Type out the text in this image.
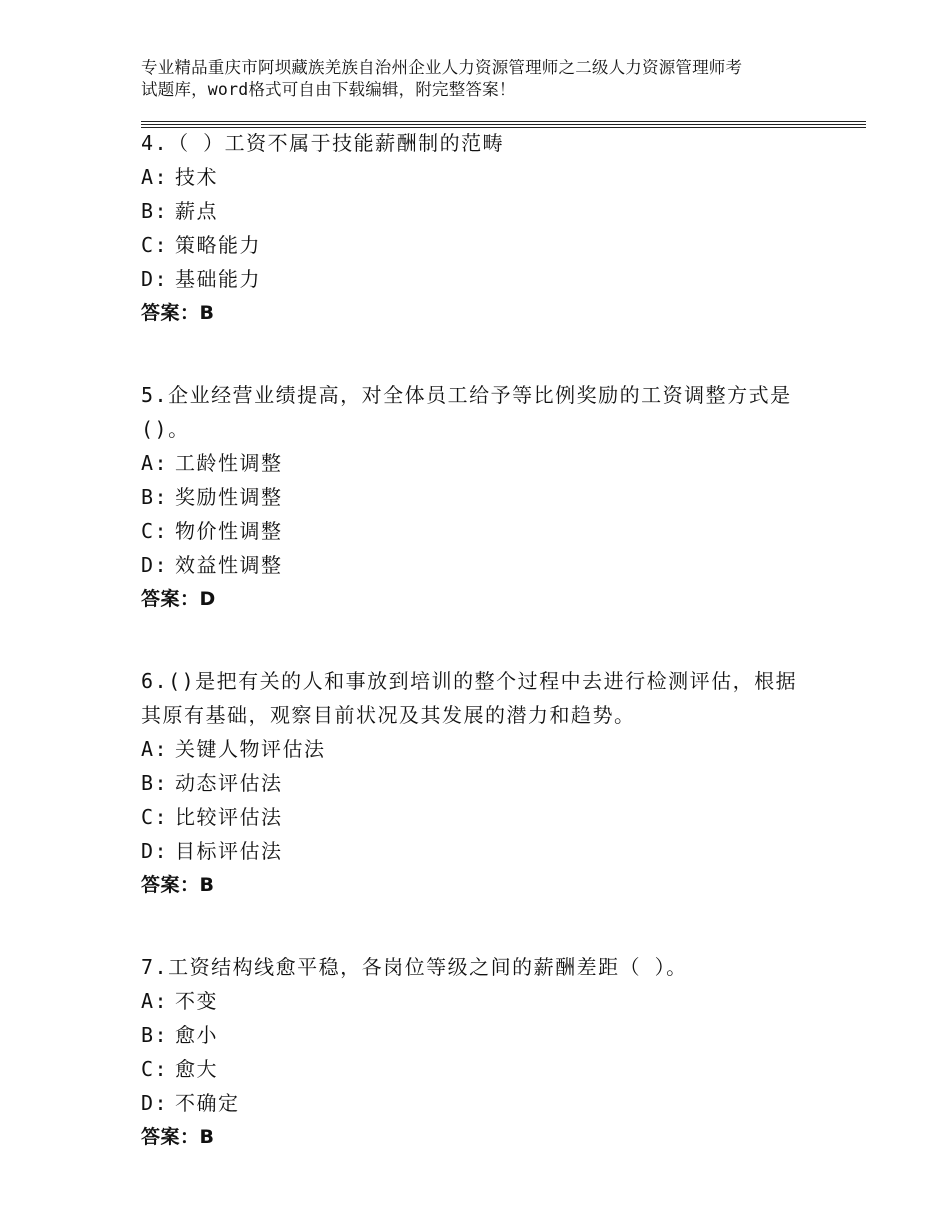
专业精品重庆市阿坝藏族羌族自治州企业人力资源管理师之二级人力资源管理师考
试题库，word格式可自由下载编辑，附完整答案！
4.（ ）工资不属于技能薪酬制的范畴
A: 技术
B: 薪点
C: 策略能力
D: 基础能力
答案：B
5.企业经营业绩提高，对全体员工给予等比例奖励的工资调整方式是
()。
A: 工龄性调整
B: 奖励性调整
C: 物价性调整
D: 效益性调整
答案：D
6.()是把有关的人和事放到培训的整个过程中去进行检测评估，根据
其原有基础，观察目前状况及其发展的潜力和趋势。
A: 关键人物评估法
B: 动态评估法
C: 比较评估法
D: 目标评估法
答案：B
7.工资结构线愈平稳，各岗位等级之间的薪酬差距（ ）。
A: 不变
B: 愈小
C: 愈大
D: 不确定
答案：B
